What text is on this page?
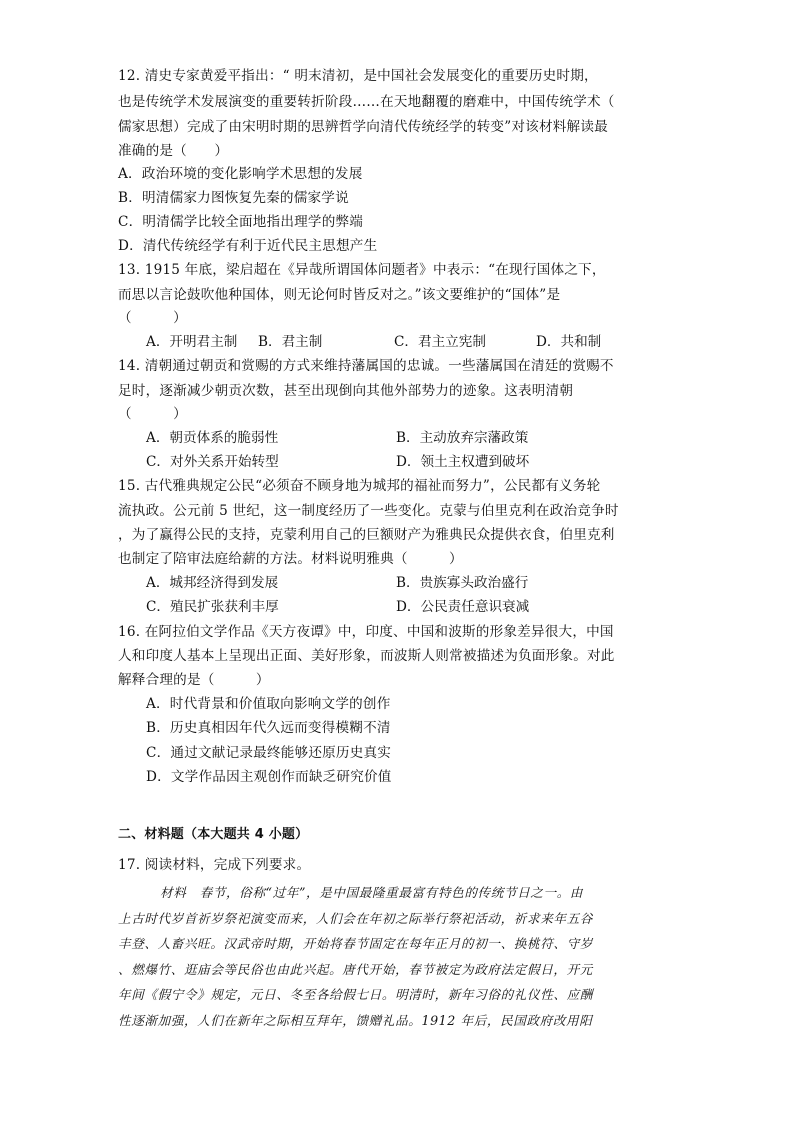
12. 清史专家黄爱平指出：“ 明末清初，是中国社会发展变化的重要历史时期，
也是传统学术发展演变的重要转折阶段……在天地翻覆的磨难中，中国传统学术（
儒家思想）完成了由宋明时期的思辨哲学向清代传统经学的转变”对该材料解读最
准确的是（　　）
A．政治环境的变化影响学术思想的发展
B．明清儒家力图恢复先秦的儒家学说
C．明清儒学比较全面地指出理学的弊端
D．清代传统经学有利于近代民主思想产生
13. 1915 年底，梁启超在《异哉所谓国体问题者》中表示：“在现行国体之下，
而思以言论鼓吹他种国体，则无论何时皆反对之。”该文要维护的“国体”是
（　　　）
A．开明君主制 B．君主制	C．君主立宪制	D．共和制
14. 清朝通过朝贡和赏赐的方式来维持藩属国的忠诚。一些藩属国在清廷的赏赐不
足时，逐渐减少朝贡次数，甚至出现倒向其他外部势力的迹象。这表明清朝
（　　　）
A．朝贡体系的脆弱性	B．主动放弃宗藩政策
C．对外关系开始转型	D．领土主权遭到破坏
15. 古代雅典规定公民“必须奋不顾身地为城邦的福祉而努力”，公民都有义务轮
流执政。公元前 5 世纪，这一制度经历了一些变化。克蒙与伯里克利在政治竞争时
，为了赢得公民的支持，克蒙利用自己的巨额财产为雅典民众提供衣食，伯里克利
也制定了陪审法庭给薪的方法。材料说明雅典（　　　）
A．城邦经济得到发展	B．贵族寡头政治盛行
C．殖民扩张获利丰厚	D．公民责任意识衰减
16. 在阿拉伯文学作品《天方夜谭》中，印度、中国和波斯的形象差异很大，中国
人和印度人基本上呈现出正面、美好形象，而波斯人则常被描述为负面形象。对此
解释合理的是（　　　）
A．时代背景和价值取向影响文学的创作
B．历史真相因年代久远而变得模糊不清
C．通过文献记录最终能够还原历史真实
D．文学作品因主观创作而缺乏研究价值
二、材料题（本大题共 4 小题）
17. 阅读材料，完成下列要求。
材料　春节，俗称“过年”，是中国最隆重最富有特色的传统节日之一。由
上古时代岁首祈岁祭祀演变而来，人们会在年初之际举行祭祀活动，祈求来年五谷
丰登、人畜兴旺。汉武帝时期，开始将春节固定在每年正月的初一、换桃符、守岁
、燃爆竹、逛庙会等民俗也由此兴起。唐代开始，春节被定为政府法定假日，开元
年间《假宁令》规定，元日、冬至各给假七日。明清时，新年习俗的礼仪性、应酬
性逐渐加强，人们在新年之际相互拜年，馈赠礼品。1912 年后，民国政府改用阳
